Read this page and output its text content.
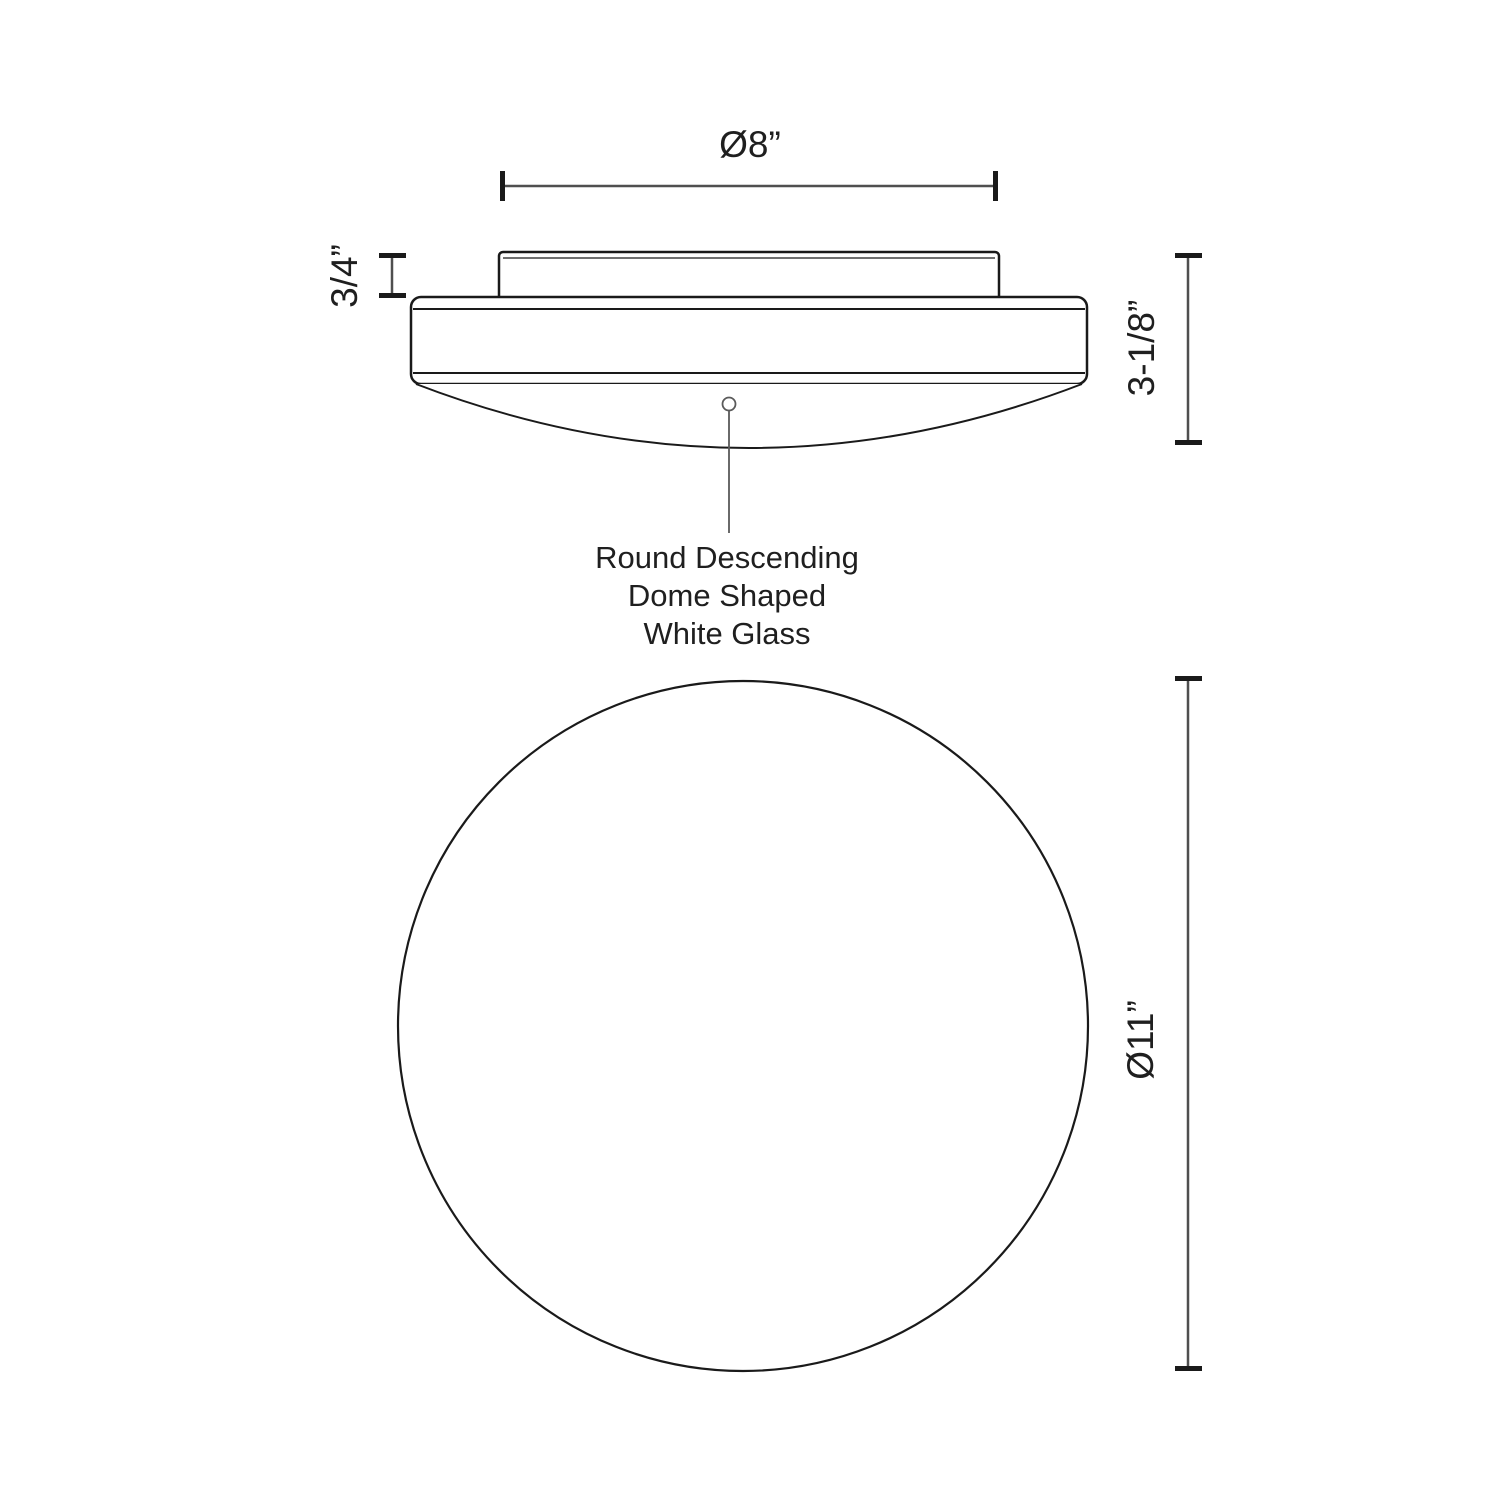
Ø8”
3/4”
Round Descending
Dome Shaped
White Glass
3-1/8”
Ø11”
